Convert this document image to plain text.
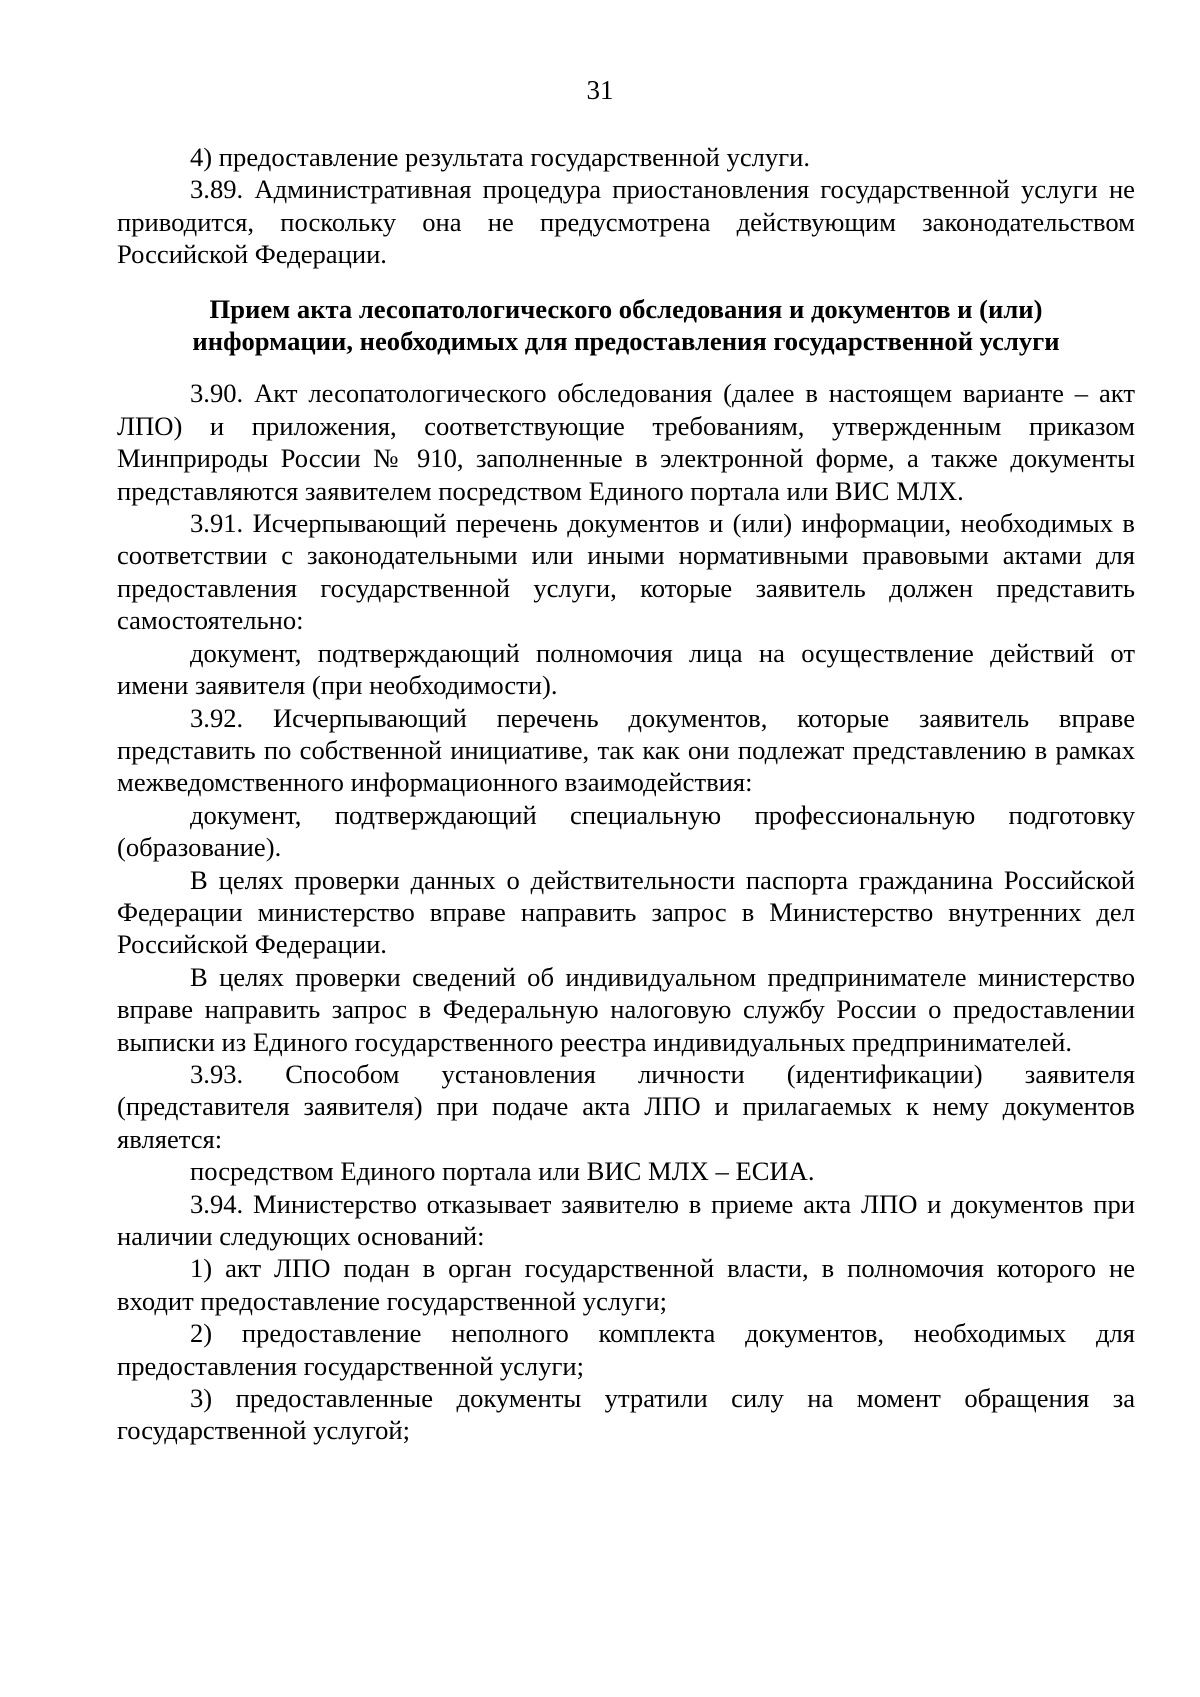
31

4) предоставление результата государственной услуги.

3.89. Административная процедура приостановления государственной услуги не приводится, поскольку она не предусмотрена действующим законодательством Российской Федерации.

Прием акта лесопатологического обследования и документов и (или) информации, необходимых для предоставления государственной услуги

3.90. Акт лесопатологического обследования (далее в настоящем варианте – акт ЛПО) и приложения, соответствующие требованиям, утвержденным приказом Минприроды России № 910, заполненные в электронной форме, а также документы представляются заявителем посредством Единого портала или ВИС МЛХ.

3.91. Исчерпывающий перечень документов и (или) информации, необходимых в соответствии с законодательными или иными нормативными правовыми актами для предоставления государственной услуги, которые заявитель должен представить самостоятельно:

документ, подтверждающий полномочия лица на осуществление действий от имени заявителя (при необходимости).

3.92. Исчерпывающий перечень документов, которые заявитель вправе представить по собственной инициативе, так как они подлежат представлению в рамках межведомственного информационного взаимодействия:

документ, подтверждающий специальную профессиональную подготовку (образование).

В целях проверки данных о действительности паспорта гражданина Российской Федерации министерство вправе направить запрос в Министерство внутренних дел Российской Федерации.

В целях проверки сведений об индивидуальном предпринимателе министерство вправе направить запрос в Федеральную налоговую службу России о предоставлении выписки из Единого государственного реестра индивидуальных предпринимателей.

3.93. Способом установления личности (идентификации) заявителя (представителя заявителя) при подаче акта ЛПО и прилагаемых к нему документов является:

посредством Единого портала или ВИС МЛХ – ЕСИА.

3.94. Министерство отказывает заявителю в приеме акта ЛПО и документов при наличии следующих оснований:

1) акт ЛПО подан в орган государственной власти, в полномочия которого не входит предоставление государственной услуги;

2) предоставление неполного комплекта документов, необходимых для предоставления государственной услуги;

3) предоставленные документы утратили силу на момент обращения за государственной услугой;
